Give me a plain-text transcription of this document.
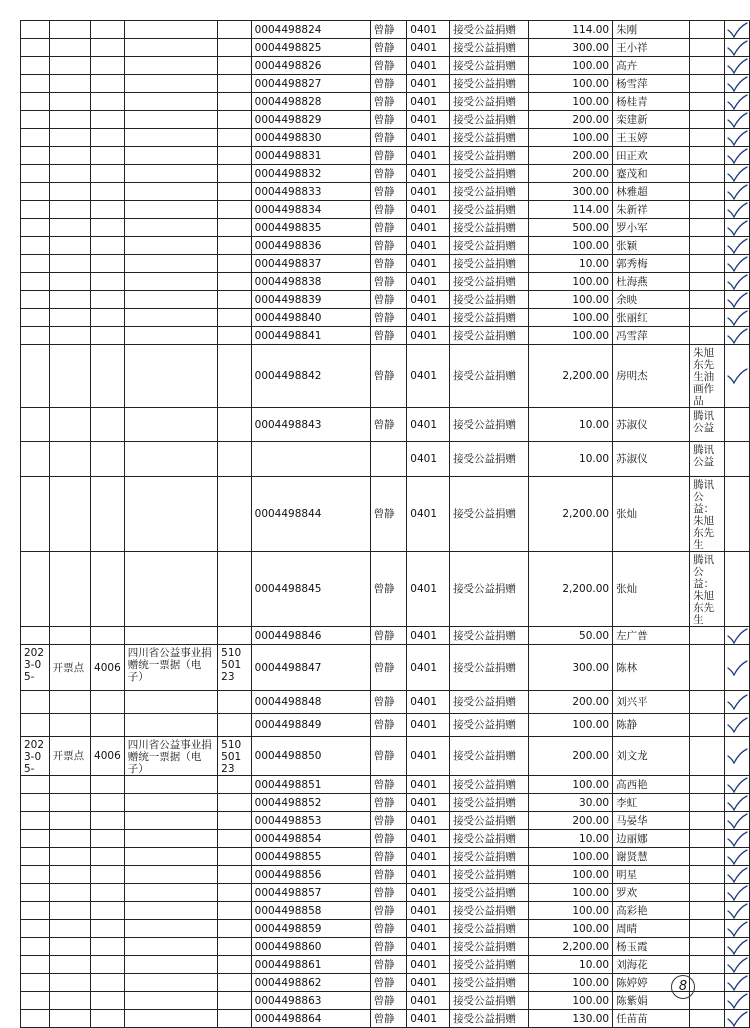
					0004498824	曾静	0401	接受公益捐赠	114.00	朱刚		

					0004498825	曾静	0401	接受公益捐赠	300.00	王小祥		

					0004498826	曾静	0401	接受公益捐赠	100.00	高卉		

					0004498827	曾静	0401	接受公益捐赠	100.00	杨雪萍		

					0004498828	曾静	0401	接受公益捐赠	100.00	杨桂青		

					0004498829	曾静	0401	接受公益捐赠	200.00	栾建新		

					0004498830	曾静	0401	接受公益捐赠	100.00	王玉婷		

					0004498831	曾静	0401	接受公益捐赠	200.00	田正欢		

					0004498832	曾静	0401	接受公益捐赠	200.00	蹇茂和		

					0004498833	曾静	0401	接受公益捐赠	300.00	林雅超		

					0004498834	曾静	0401	接受公益捐赠	114.00	朱新祥		

					0004498835	曾静	0401	接受公益捐赠	500.00	罗小军		

					0004498836	曾静	0401	接受公益捐赠	100.00	张颖		

					0004498837	曾静	0401	接受公益捐赠	10.00	郭秀梅		

					0004498838	曾静	0401	接受公益捐赠	100.00	杜海燕		

					0004498839	曾静	0401	接受公益捐赠	100.00	余映		

					0004498840	曾静	0401	接受公益捐赠	100.00	张丽红		

					0004498841	曾静	0401	接受公益捐赠	100.00	冯雪萍		

					0004498842	曾静	0401	接受公益捐赠	2,200.00	房明杰	朱旭东先生油画作品	

					0004498843	曾静	0401	接受公益捐赠	10.00	苏淑仪	腾讯公益	
							0401	接受公益捐赠	10.00	苏淑仪	腾讯公益	
					0004498844	曾静	0401	接受公益捐赠	2,200.00	张灿	腾讯公益：朱旭东先生	
					0004498845	曾静	0401	接受公益捐赠	2,200.00	张灿	腾讯公益：朱旭东先生	
					0004498846	曾静	0401	接受公益捐赠	50.00	左广普		

2023-05-	开票点	4006	四川省公益事业捐赠统一票据（电子）	51050123	0004498847	曾静	0401	接受公益捐赠	300.00	陈林		

					0004498848	曾静	0401	接受公益捐赠	200.00	刘兴平		

					0004498849	曾静	0401	接受公益捐赠	100.00	陈静		

2023-05-	开票点	4006	四川省公益事业捐赠统一票据（电子）	51050123	0004498850	曾静	0401	接受公益捐赠	200.00	刘文龙		

					0004498851	曾静	0401	接受公益捐赠	100.00	高西艳		

					0004498852	曾静	0401	接受公益捐赠	30.00	李虹		

					0004498853	曾静	0401	接受公益捐赠	200.00	马晏华		

					0004498854	曾静	0401	接受公益捐赠	10.00	边丽娜		

					0004498855	曾静	0401	接受公益捐赠	100.00	谢贤慧		

					0004498856	曾静	0401	接受公益捐赠	100.00	明星		

					0004498857	曾静	0401	接受公益捐赠	100.00	罗欢		

					0004498858	曾静	0401	接受公益捐赠	100.00	高彩艳		

					0004498859	曾静	0401	接受公益捐赠	100.00	周晴		

					0004498860	曾静	0401	接受公益捐赠	2,200.00	杨玉霞		

					0004498861	曾静	0401	接受公益捐赠	10.00	刘海花		

					0004498862	曾静	0401	接受公益捐赠	100.00	陈婷婷		

					0004498863	曾静	0401	接受公益捐赠	100.00	陈紫娟		

					0004498864	曾静	0401	接受公益捐赠	130.00	任苗苗		
8
